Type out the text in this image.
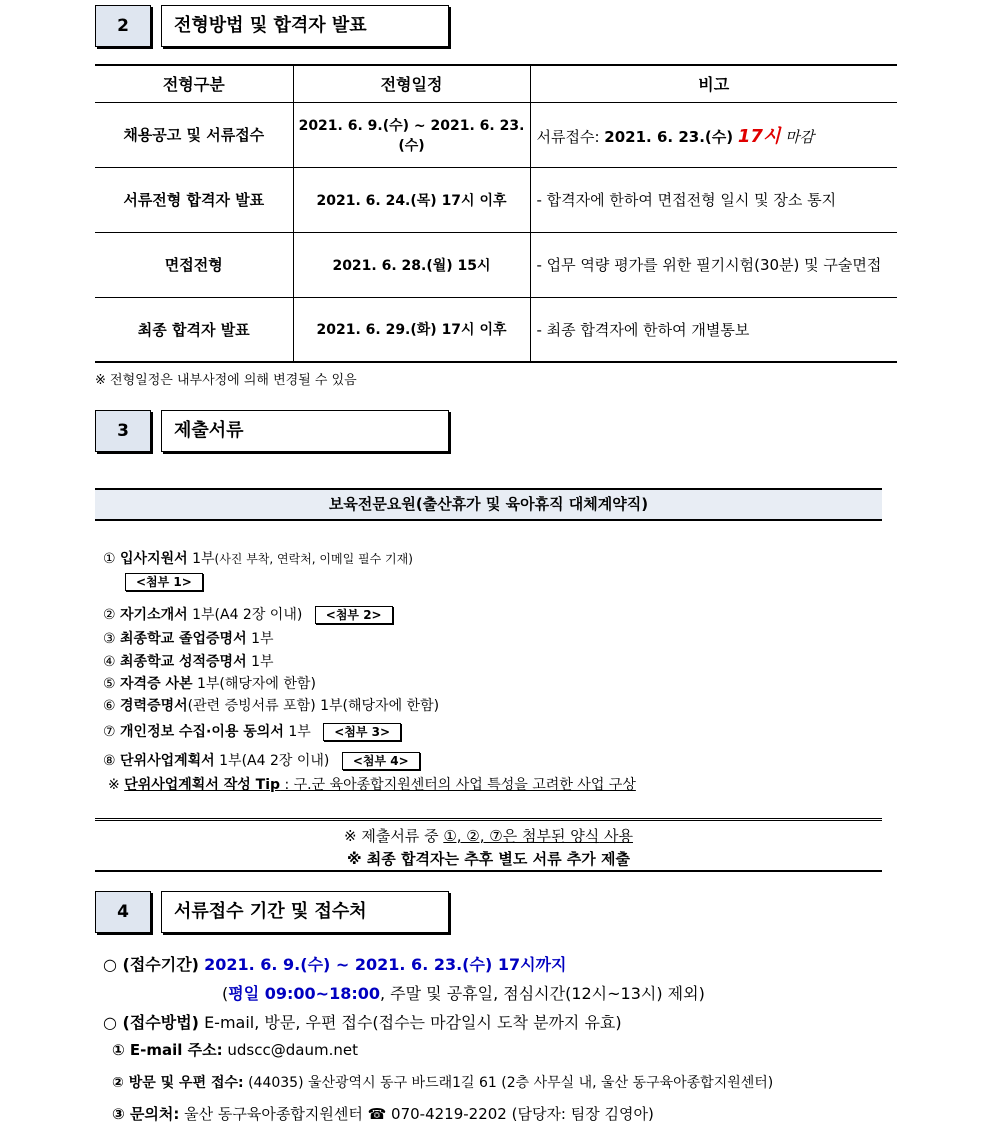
2	전형방법 및 합격자 발표
전형구분	전형일정	비고
채용공고 및 서류접수	2021. 6. 9.(수) ~ 2021. 6. 23.(수)	서류접수: 2021. 6. 23.(수) 17시 마감
서류전형 합격자 발표	2021. 6. 24.(목) 17시 이후	- 합격자에 한하여 면접전형 일시 및 장소 통지
면접전형	2021. 6. 28.(월) 15시	- 업무 역량 평가를 위한 필기시험(30분) 및 구술면접
최종 합격자 발표	2021. 6. 29.(화) 17시 이후	- 최종 합격자에 한하여 개별통보
※ 전형일정은 내부사정에 의해 변경될 수 있음
3	제출서류
보육전문요원(출산휴가 및 육아휴직 대체계약직)
① 입사지원서 1부(사진 부착, 연락처, 이메일 필수 기재)
<첨부 1>
② 자기소개서 1부(A4 2장 이내) <첨부 2>
③ 최종학교 졸업증명서 1부
④ 최종학교 성적증명서 1부
⑤ 자격증 사본 1부(해당자에 한함)
⑥ 경력증명서(관련 증빙서류 포함) 1부(해당자에 한함)
⑦ 개인정보 수집·이용 동의서 1부 <첨부 3>
⑧ 단위사업계획서 1부(A4 2장 이내) <첨부 4>
※ 단위사업계획서 작성 Tip : 구.군 육아종합지원센터의 사업 특성을 고려한 사업 구상
※ 제출서류 중 ①, ②, ⑦은 첨부된 양식 사용
※ 최종 합격자는 추후 별도 서류 추가 제출
4	서류접수 기간 및 접수처
○ (접수기간) 2021. 6. 9.(수) ~ 2021. 6. 23.(수) 17시까지
(평일 09:00~18:00, 주말 및 공휴일, 점심시간(12시~13시) 제외)
○ (접수방법) E-mail, 방문, 우편 접수(접수는 마감일시 도착 분까지 유효)
① E-mail 주소: udscc@daum.net
② 방문 및 우편 접수: (44035) 울산광역시 동구 바드래1길 61 (2층 사무실 내, 울산 동구육아종합지원센터)
③ 문의처: 울산 동구육아종합지원센터 ☎ 070-4219-2202 (담당자: 팀장 김영아)
